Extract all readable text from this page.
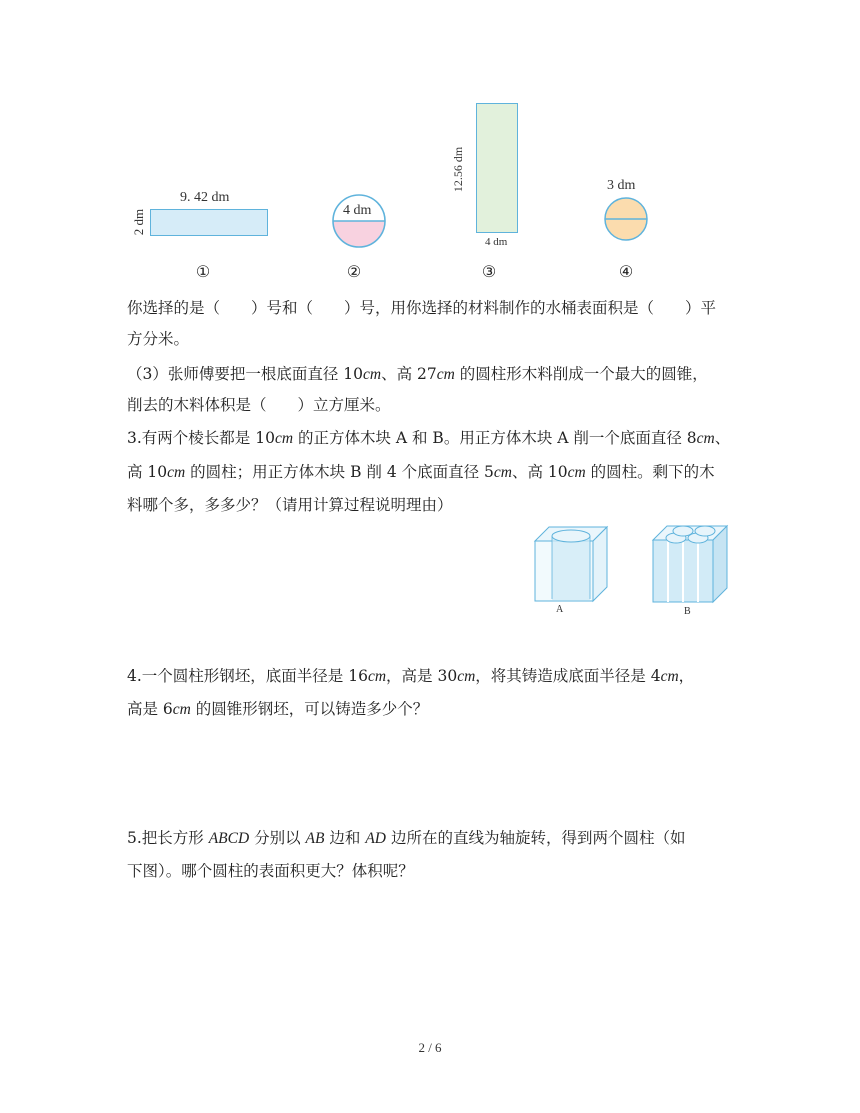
9. 42 dm
2 dm	4 dm
12.56 dm
4 dm
3 dm
①	②	③	④
你选择的是（　　）号和（　　）号，用你选择的材料制作的水桶表面积是（　　）平
方分米。
（3）张师傅要把一根底面直径 10cm、高 27cm 的圆柱形木料削成一个最大的圆锥，
削去的木料体积是（　　）立方厘米。
3.有两个棱长都是 10cm 的正方体木块 A 和 B。用正方体木块 A 削一个底面直径 8cm、
高 10cm 的圆柱；用正方体木块 B 削 4 个底面直径 5cm、高 10cm 的圆柱。剩下的木
料哪个多，多多少？（请用计算过程说明理由）
A	B
4.一个圆柱形钢坯，底面半径是 16cm，高是 30cm，将其铸造成底面半径是 4cm，
高是 6cm 的圆锥形钢坯，可以铸造多少个？
5.把长方形 ABCD 分别以 AB 边和 AD 边所在的直线为轴旋转，得到两个圆柱（如
下图）。哪个圆柱的表面积更大？体积呢？
2 / 6
